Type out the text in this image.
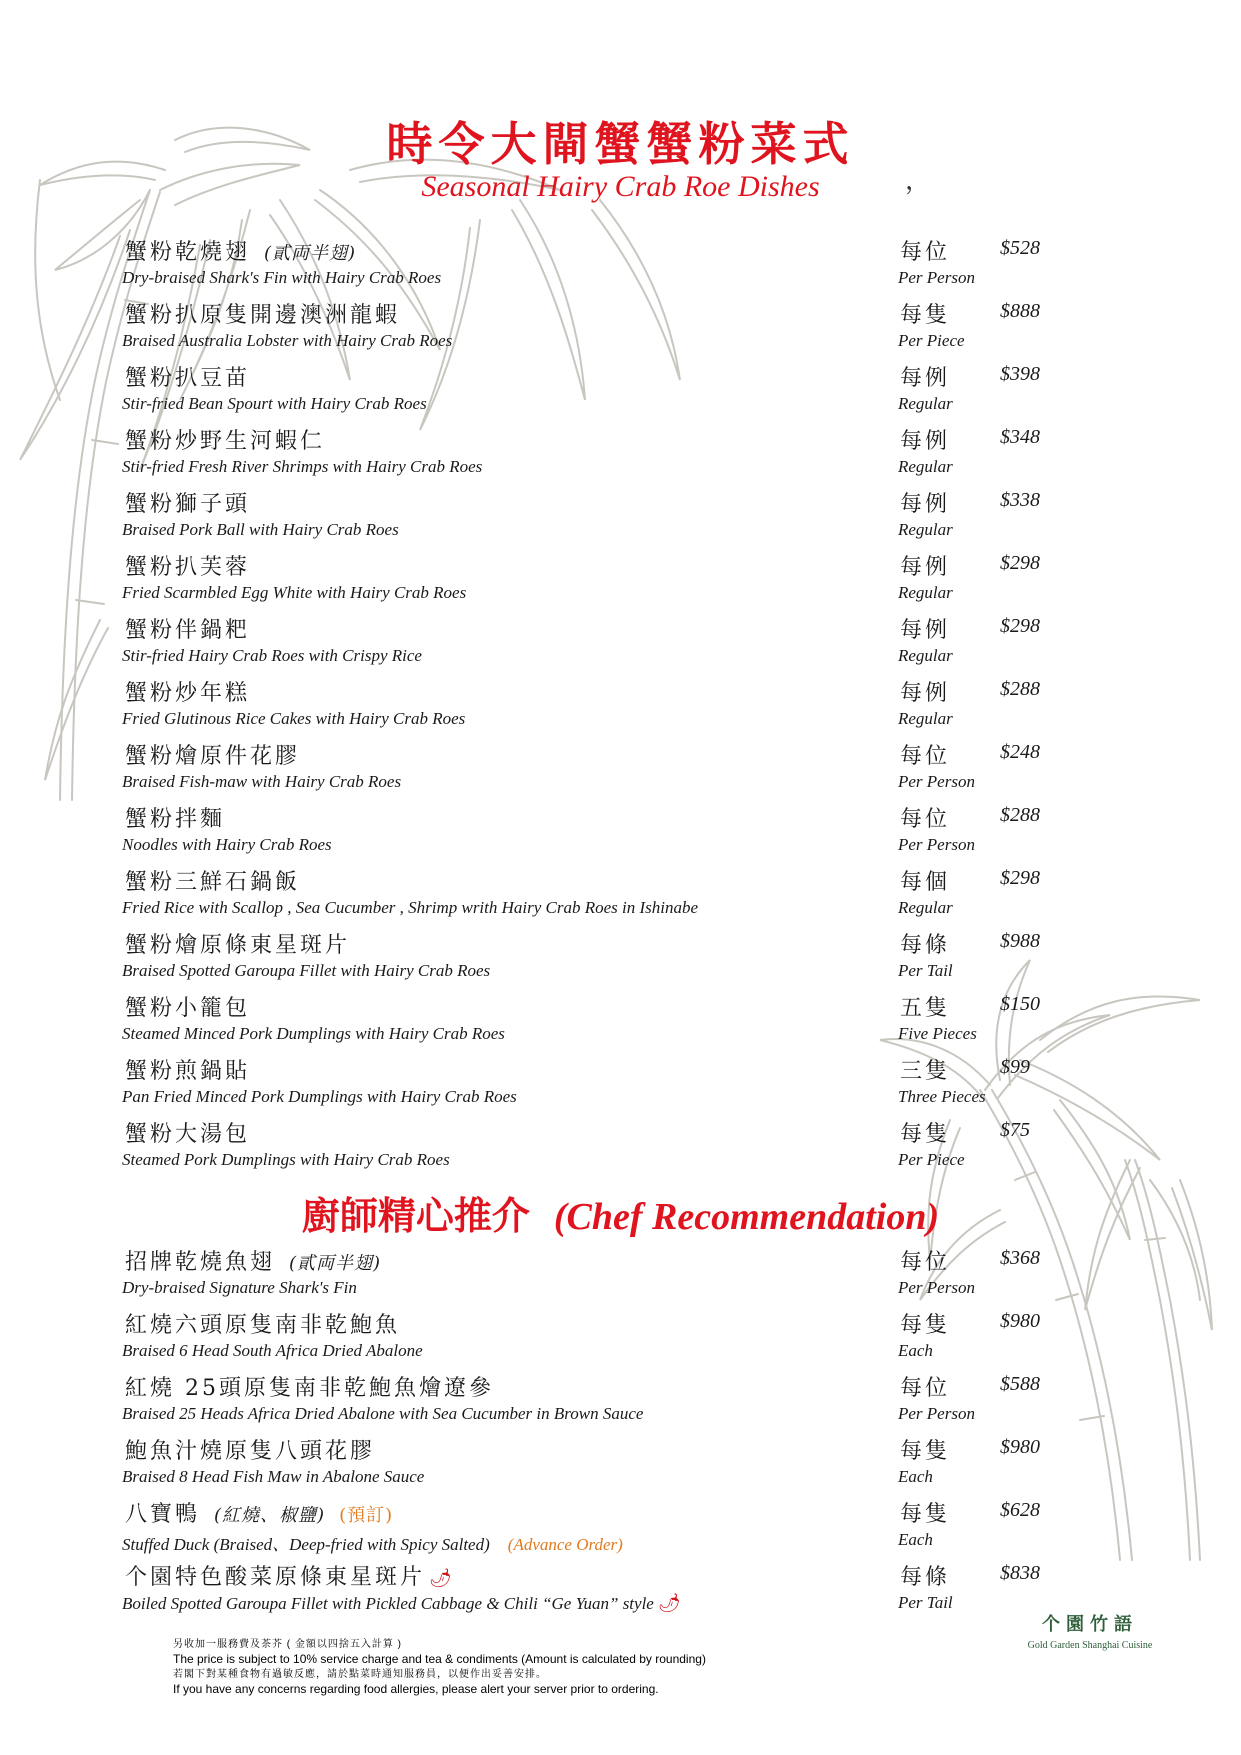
時令大閘蟹蟹粉菜式
Seasonal Hairy Crab Roe Dishes	，
蟹粉乾燒翅 (貳両半翅)
Dry-braised Shark's Fin with Hairy Crab Roes
每位
Per Person
$528
蟹粉扒原隻開邊澳洲龍蝦
Braised Australia Lobster with Hairy Crab Roes
每隻
Per Piece
$888
蟹粉扒豆苗
Stir-fried Bean Spourt with Hairy Crab Roes
每例
Regular
$398
蟹粉炒野生河蝦仁
Stir-fried Fresh River Shrimps with Hairy Crab Roes
每例
Regular
$348
蟹粉獅子頭
Braised Pork Ball with Hairy Crab Roes
每例
Regular
$338
蟹粉扒芙蓉
Fried Scarmbled Egg White with Hairy Crab Roes
每例
Regular
$298
蟹粉伴鍋粑
Stir-fried Hairy Crab Roes with Crispy Rice
每例
Regular
$298
蟹粉炒年糕
Fried Glutinous Rice Cakes with Hairy Crab Roes
每例
Regular
$288
蟹粉燴原件花膠
Braised Fish-maw with Hairy Crab Roes
每位
Per Person
$248
蟹粉拌麵
Noodles with Hairy Crab Roes
每位
Per Person
$288
蟹粉三鮮石鍋飯
Fried Rice with Scallop , Sea Cucumber , Shrimp writh Hairy Crab Roes in Ishinabe
每個
Regular
$298
蟹粉燴原條東星斑片
Braised Spotted Garoupa Fillet with Hairy Crab Roes
每條
Per Tail
$988
蟹粉小籠包
Steamed Minced Pork Dumplings with Hairy Crab Roes
五隻
Five Pieces
$150
蟹粉煎鍋貼
Pan Fried Minced Pork Dumplings with Hairy Crab Roes
三隻
Three Pieces
$99
蟹粉大湯包
Steamed Pork Dumplings with Hairy Crab Roes
每隻
Per Piece
$75
廚師精心推介 (Chef Recommendation)
招牌乾燒魚翅 (貳両半翅)
Dry-braised Signature Shark's Fin
每位
Per Person
$368
紅燒六頭原隻南非乾鮑魚
Braised 6 Head South Africa Dried Abalone
每隻
Each
$980
紅燒 25頭原隻南非乾鮑魚燴遼參
Braised 25 Heads Africa Dried Abalone with Sea Cucumber in Brown Sauce
每位
Per Person
$588
鮑魚汁燒原隻八頭花膠
Braised 8 Head Fish Maw in Abalone Sauce
每隻
Each
$980
八寶鴨 (紅燒、椒鹽) (預訂)
Stuffed Duck (Braised、Deep-fried with Spicy Salted) (Advance Order)
每隻
Each
$628
个園特色酸菜原條東星斑片 🌶
Boiled Spotted Garoupa Fillet with Pickled Cabbage & Chili “Ge Yuan” style 🌶
每條
Per Tail
$838
个園竹語
Gold Garden Shanghai Cuisine
另收加一服務費及茶芥 ( 金額以四捨五入計算 )
The price is subject to 10% service charge and tea & condiments (Amount is calculated by rounding)
若閣下對某種食物有過敏反應，請於點菜時通知服務員，以便作出妥善安排。
If you have any concerns regarding food allergies, please alert your server prior to ordering.
